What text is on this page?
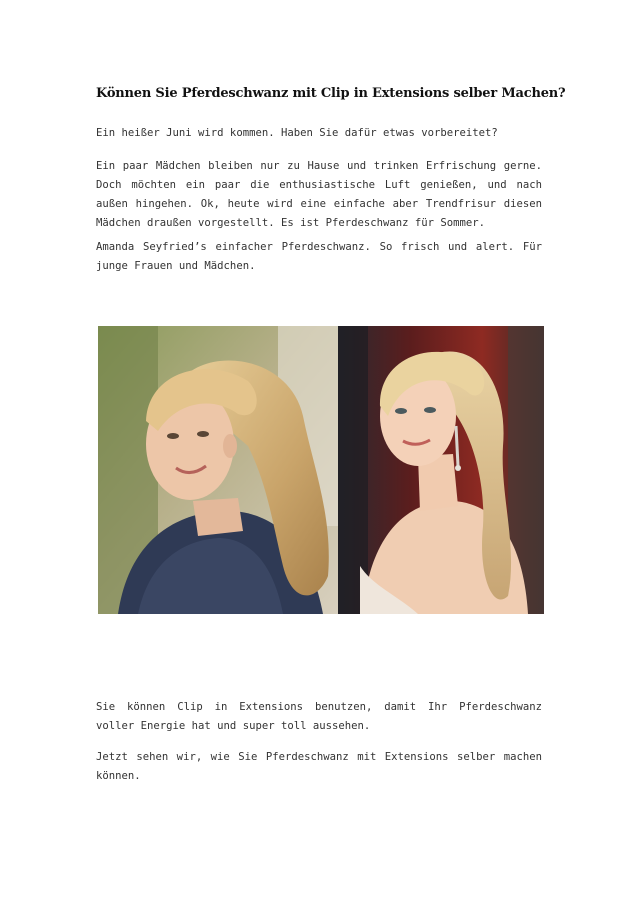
Können Sie Pferdeschwanz mit Clip in Extensions selber Machen?
Ein heißer Juni wird kommen. Haben Sie dafür etwas vorbereitet?
Ein paar Mädchen bleiben nur zu Hause und trinken Erfrischung gerne. Doch möchten ein paar die enthusiastische Luft genießen, und nach außen hingehen. Ok, heute wird eine einfache aber Trendfrisur diesen Mädchen draußen vorgestellt. Es ist Pferdeschwanz für Sommer.
Amanda Seyfried’s einfacher Pferdeschwanz. So frisch und alert. Für junge Frauen und Mädchen.
Sie können Clip in Extensions benutzen, damit Ihr Pferdeschwanz voller Energie hat und super toll aussehen.
Jetzt sehen wir, wie Sie Pferdeschwanz mit Extensions selber machen können.
